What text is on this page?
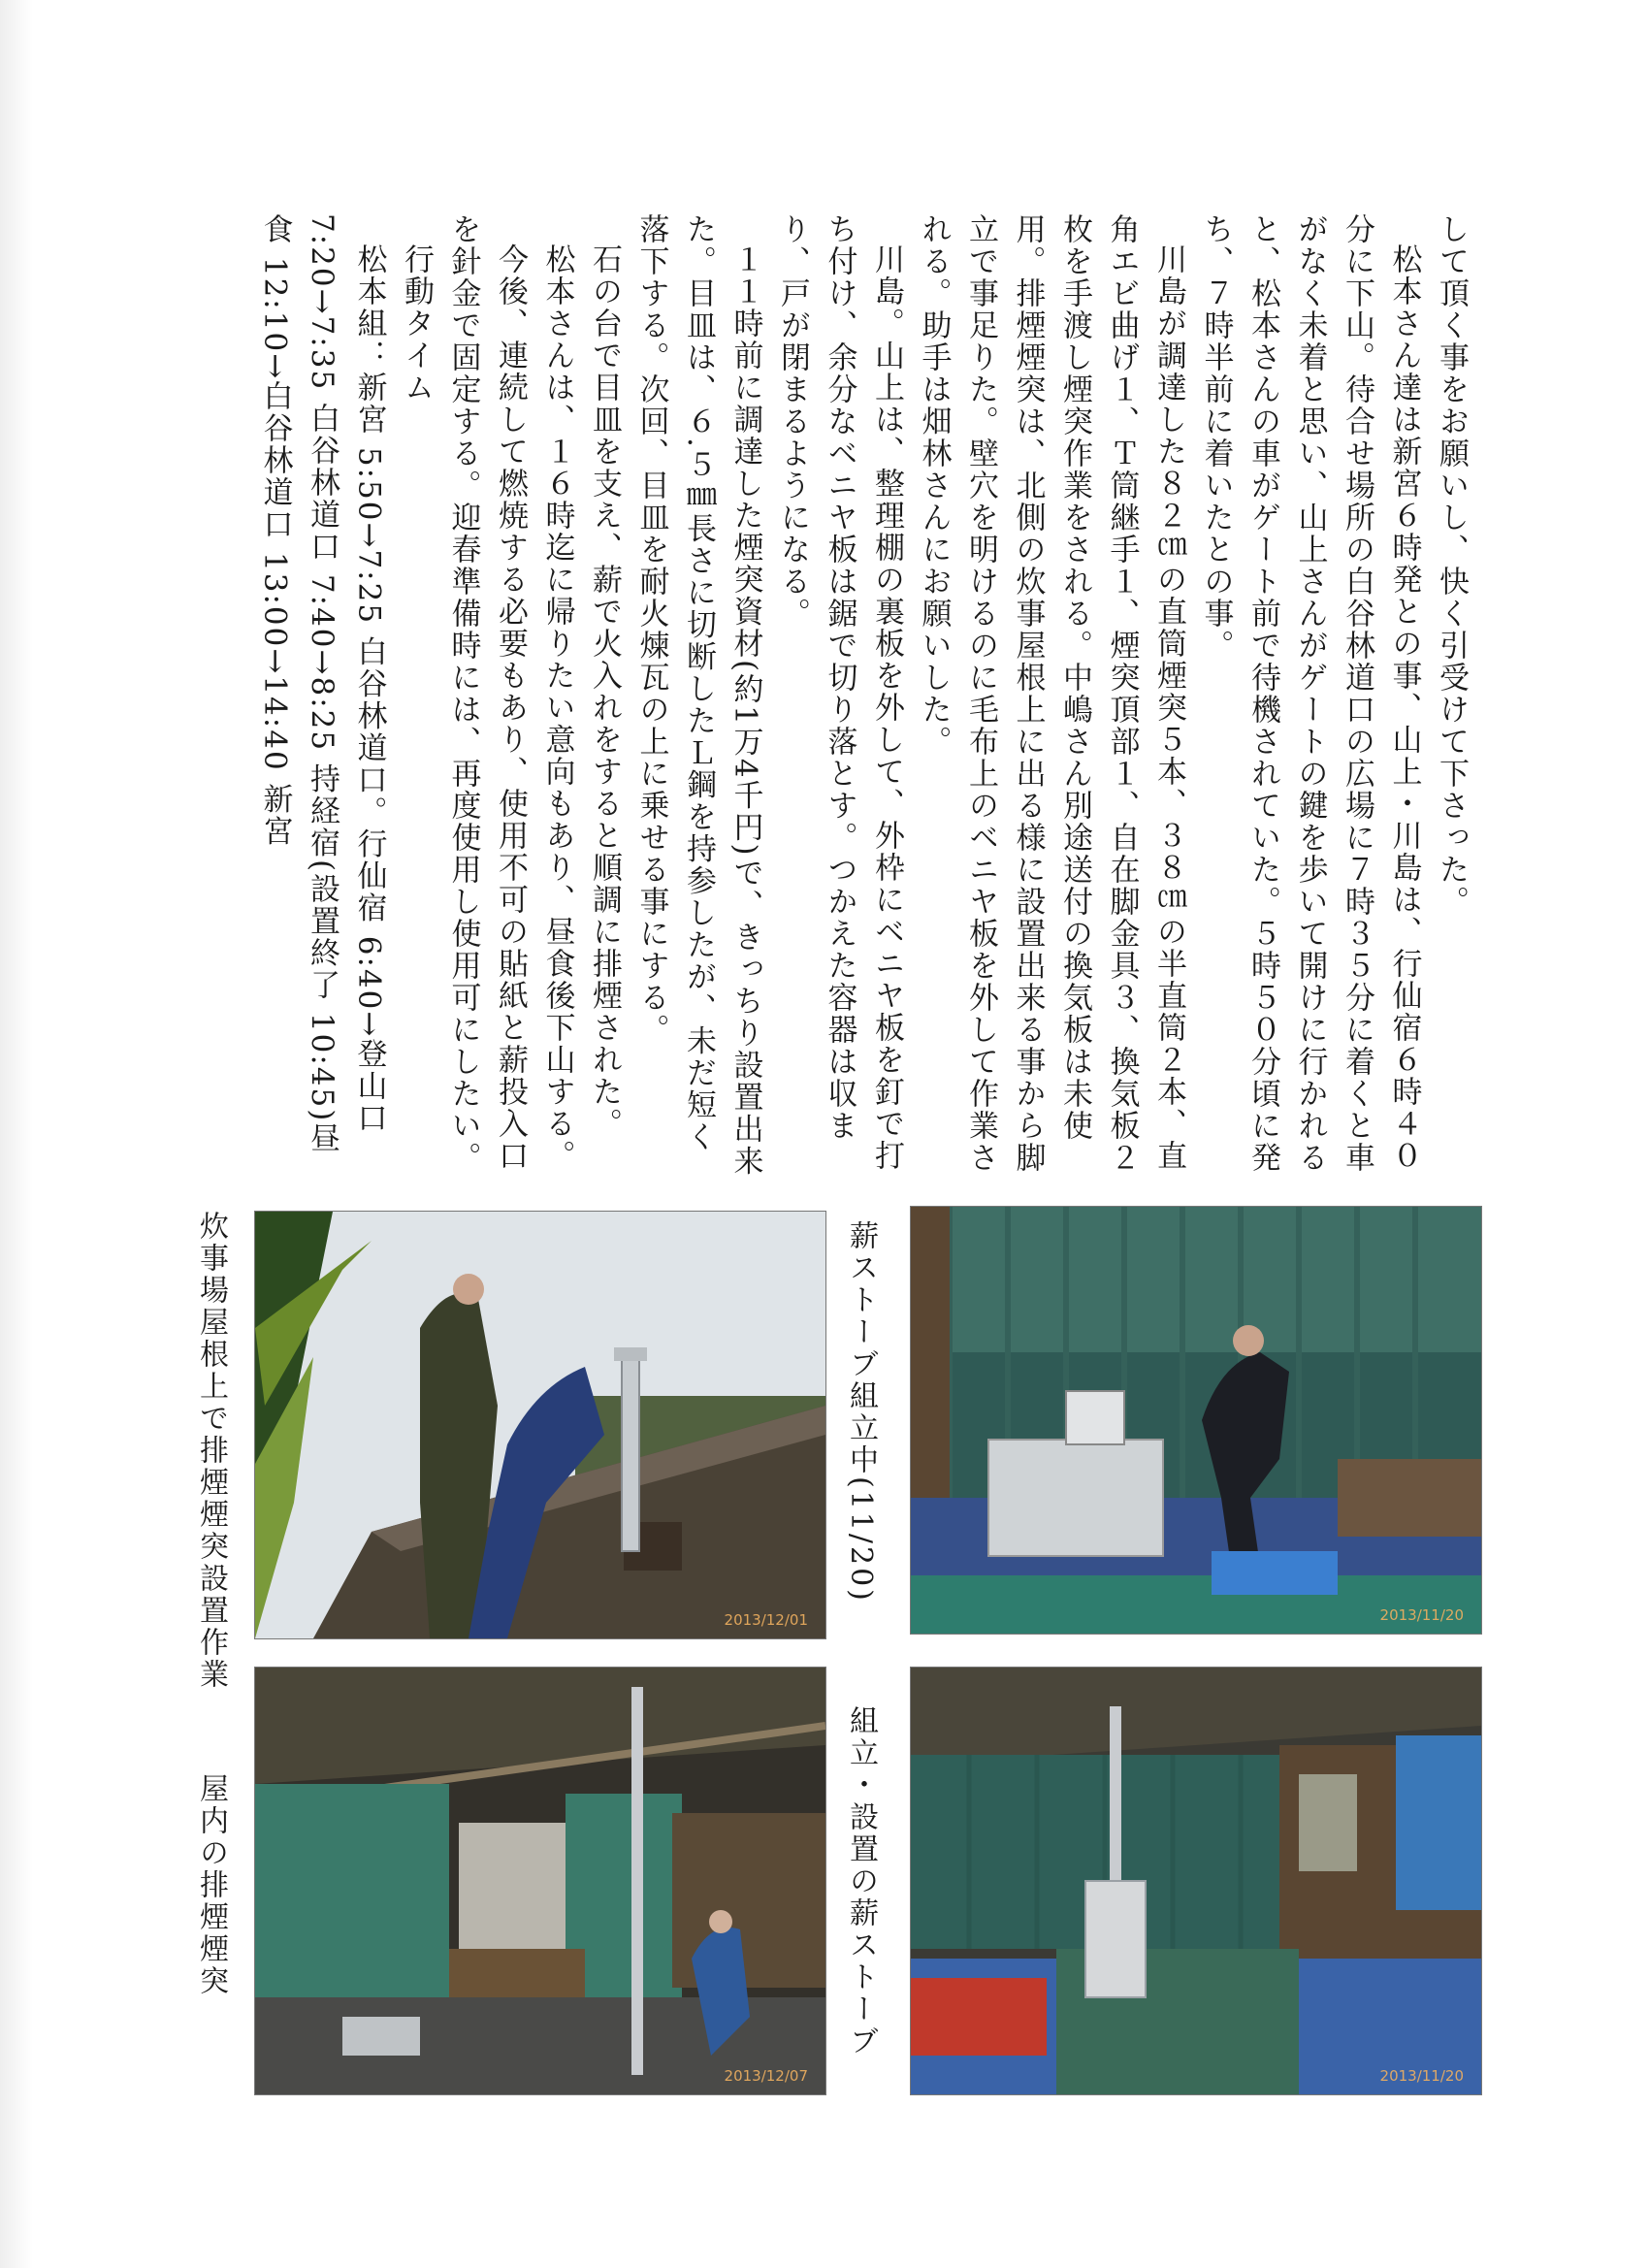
して頂く事をお願いし、快く引受けて下さった。

松本さん達は新宮６時発との事、山上・川島は、行仙宿６時４０分に下山。待合せ場所の白谷林道口の広場に７時３５分に着くと車がなく未着と思い、山上さんがゲートの鍵を歩いて開けに行かれると、松本さんの車がゲート前で待機されていた。５時５０分頃に発ち、７時半前に着いたとの事。

川島が調達した８２㎝の直筒煙突５本、３８㎝の半直筒２本、直角エビ曲げ１、Ｔ筒継手１、煙突頂部１、自在脚金具３、換気板２枚を手渡し煙突作業をされる。中嶋さん別途送付の換気板は未使用。排煙煙突は、北側の炊事屋根上に出る様に設置出来る事から脚立で事足りた。壁穴を明けるのに毛布上のベニヤ板を外して作業される。助手は畑林さんにお願いした。

川島。山上は、整理棚の裏板を外して、外枠にベニヤ板を釘で打ち付け、余分なベニヤ板は鋸で切り落とす。つかえた容器は収まり、戸が閉まるようになる。

１１時前に調達した煙突資材(約1万4千円)で、きっちり設置出来た。目皿は、６.５㎜長さに切断したＬ鋼を持参したが、未だ短く落下する。次回、目皿を耐火煉瓦の上に乗せる事にする。

石の台で目皿を支え、薪で火入れをすると順調に排煙された。

松本さんは、１６時迄に帰りたい意向もあり、昼食後下山する。

今後、連続して燃焼する必要もあり、使用不可の貼紙と薪投入口を針金で固定する。迎春準備時には、再度使用し使用可にしたい。

行動タイム

松本組：新宮 5:50→7:25 白谷林道口。行仙宿 6:40→登山口 7:20→7:35 白谷林道口 7:40→8:25 持経宿(設置終了 10:45)昼食 12:10→白谷林道口 13:00→14:40 新宮

薪ストーブ組立中(11/20)
炊事場屋根上で排煙煙突設置作業
組立・設置の薪ストーブ
屋内の排煙煙突
2013/11/20
2013/12/01
2013/11/20
2013/12/07
